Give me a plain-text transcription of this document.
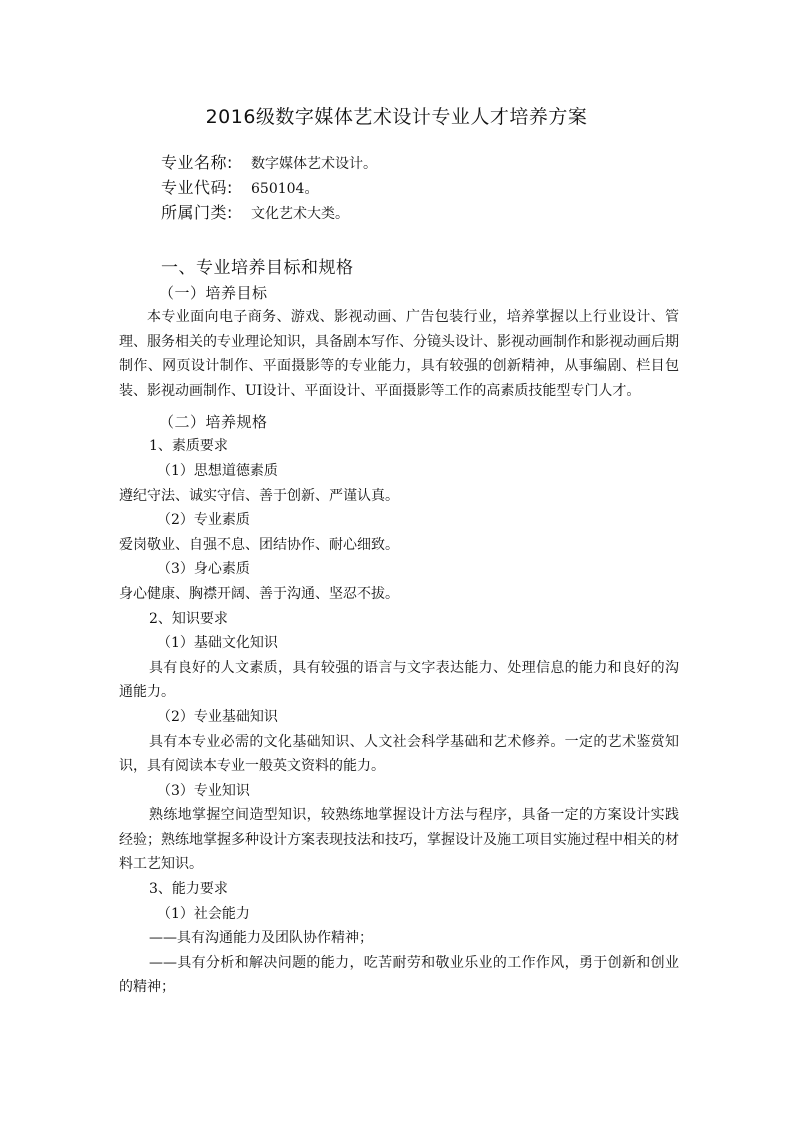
2016级数字媒体艺术设计专业人才培养方案
专业名称: 数字媒体艺术设计。
专业代码: 650104。
所属门类: 文化艺术大类。
一、专业培养目标和规格
（一）培养目标

本专业面向电子商务、游戏、影视动画、广告包装行业，培养掌握以上行业设计、管理、服务相关的专业理论知识，具备剧本写作、分镜头设计、影视动画制作和影视动画后期制作、网页设计制作、平面摄影等的专业能力，具有较强的创新精神，从事编剧、栏目包装、影视动画制作、UI设计、平面设计、平面摄影等工作的高素质技能型专门人才。

（二）培养规格
1、素质要求
（1）思想道德素质
遵纪守法、诚实守信、善于创新、严谨认真。
（2）专业素质
爱岗敬业、自强不息、团结协作、耐心细致。
（3）身心素质
身心健康、胸襟开阔、善于沟通、坚忍不拔。
2、知识要求
（1）基础文化知识

具有良好的人文素质，具有较强的语言与文字表达能力、处理信息的能力和良好的沟通能力。

（2）专业基础知识

具有本专业必需的文化基础知识、人文社会科学基础和艺术修养。一定的艺术鉴赏知识，具有阅读本专业一般英文资料的能力。

（3）专业知识

熟练地掌握空间造型知识，较熟练地掌握设计方法与程序，具备一定的方案设计实践经验；熟练地掌握多种设计方案表现技法和技巧，掌握设计及施工项目实施过程中相关的材料工艺知识。

3、能力要求
（1）社会能力

——具有沟通能力及团队协作精神；

——具有分析和解决问题的能力，吃苦耐劳和敬业乐业的工作作风，勇于创新和创业的精神；
